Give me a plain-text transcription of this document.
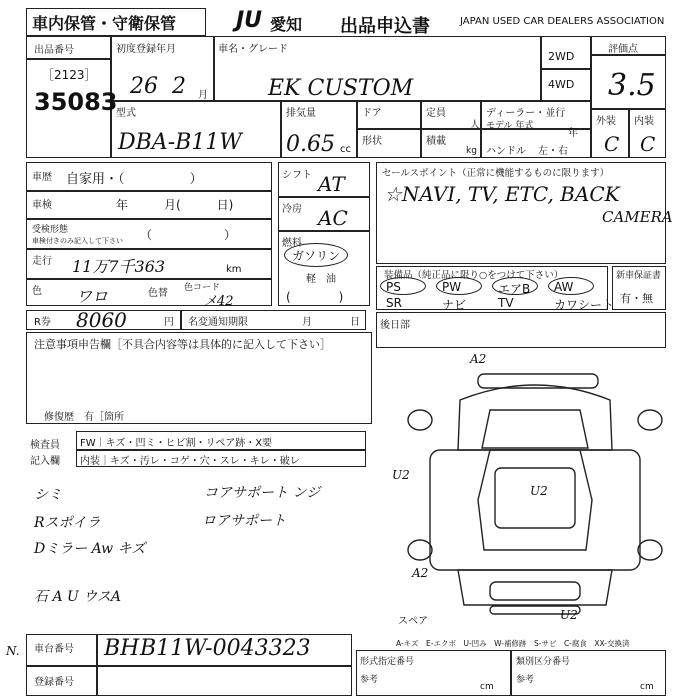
車内保管・守衛保管	JU 愛知 出品申込書	JAPAN USED CAR DEALERS ASSOCIATION
出品番号
［2123］
35083
初度登録年月
26 2 月
車名・グレード
EK CUSTOM
2WD
4WD
評価点
3.5
型式
DBA-B11W
排気量
0.65 cc
ドア
形状
定員
人
積載
kg
ディーラー・並行
モデル 年式
年
ハンドル 左・右
外装 内装
C C
車歴 自家用・（　　　　　）
車検	年　　　月(　　　日)
受検形態
車検付きのみ記入して下さい （　　　　　　）
走行 11万7千363	km
色 ワロ	色替 色コード
メ42
シフト AT
冷房 AC
燃料
ガソリン
軽　油
(　　　　)
セールスポイント（正常に機能するものに限ります）
☆NAVI, TV, ETC, BACK
CAMERA
装備品（純正品に限り○をつけて下さい）
PS	PW	エアB AW
SR	ナビ	TV	カワシート
新車保証書
有・無
R券 8060	円 名変通知期限	月	日 後日部
注意事項申告欄［不具合内容等は具体的に記入して下さい］
修復歴　有［箇所
検査員
記入欄
FW｜キズ・凹ミ・ヒビ割・リペア跡・X要
内装｜キズ・汚レ・コゲ・穴・スレ・キレ・破レ
シミ
Rスポイラ
Dミラー Aw キズ
石 A U ウスA
コアサポート ンジ
ロアサポート
A2
U2
U2
A2
U2
スペア
A-キズ　E-エクボ　U-凹み　W-補修跡　S-サビ　C-腐食　XX-交換済
N. 車台番号 BH B11W-0043323
登録番号
形式指定番号	類別区分番号
参考	参考
cm	cm
